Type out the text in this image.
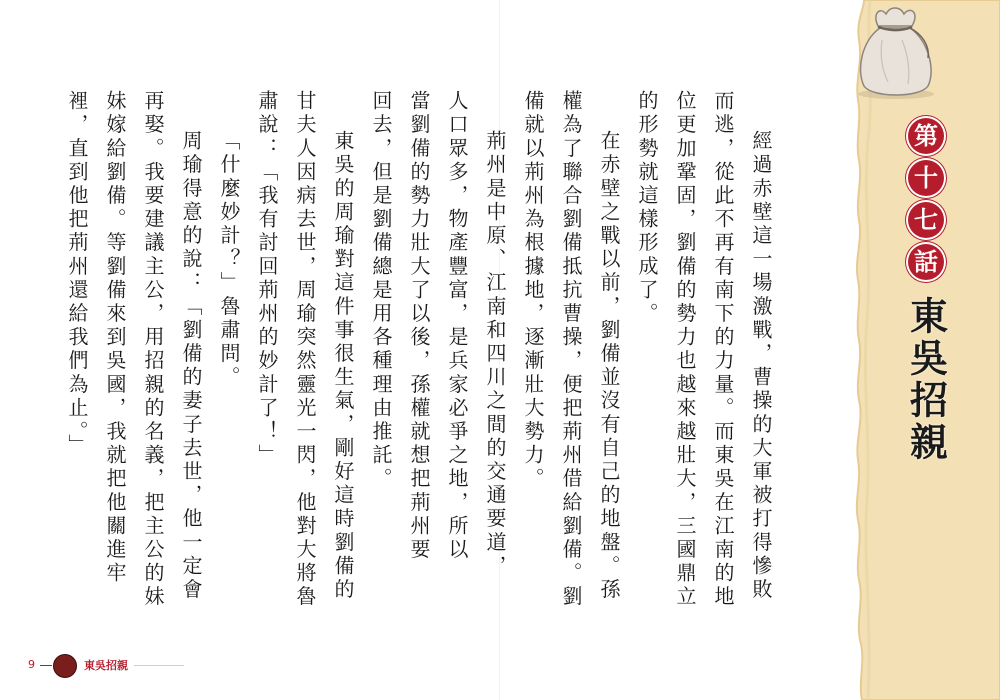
經過赤壁這一場激戰，曹操的大軍被打得慘敗而逃，從此不再有南下的力量。而東吳在江南的地位更加鞏固，劉備的勢力也越來越壯大，三國鼎立的形勢就這樣形成了。

在赤壁之戰以前，劉備並沒有自己的地盤。孫權為了聯合劉備抵抗曹操，便把荊州借給劉備。劉備就以荊州為根據地，逐漸壯大勢力。

荊州是中原、江南和四川之間的交通要道，人口眾多，物產豐富，是兵家必爭之地，所以當劉備的勢力壯大了以後，孫權就想把荊州要回去，但是劉備總是用各種理由推託。

東吳的周瑜對這件事很生氣，剛好這時劉備的甘夫人因病去世，周瑜突然靈光一閃，他對大將魯肅說：「我有討回荊州的妙計了！」

「什麼妙計？」魯肅問。

周瑜得意的說：「劉備的妻子去世，他一定會再娶。我要建議主公，用招親的名義，把主公的妹妹嫁給劉備。等劉備來到吳國，我就把他關進牢裡，直到他把荊州還給我們為止。」	第
十
七
話
東吳招親
9	東吳招親
